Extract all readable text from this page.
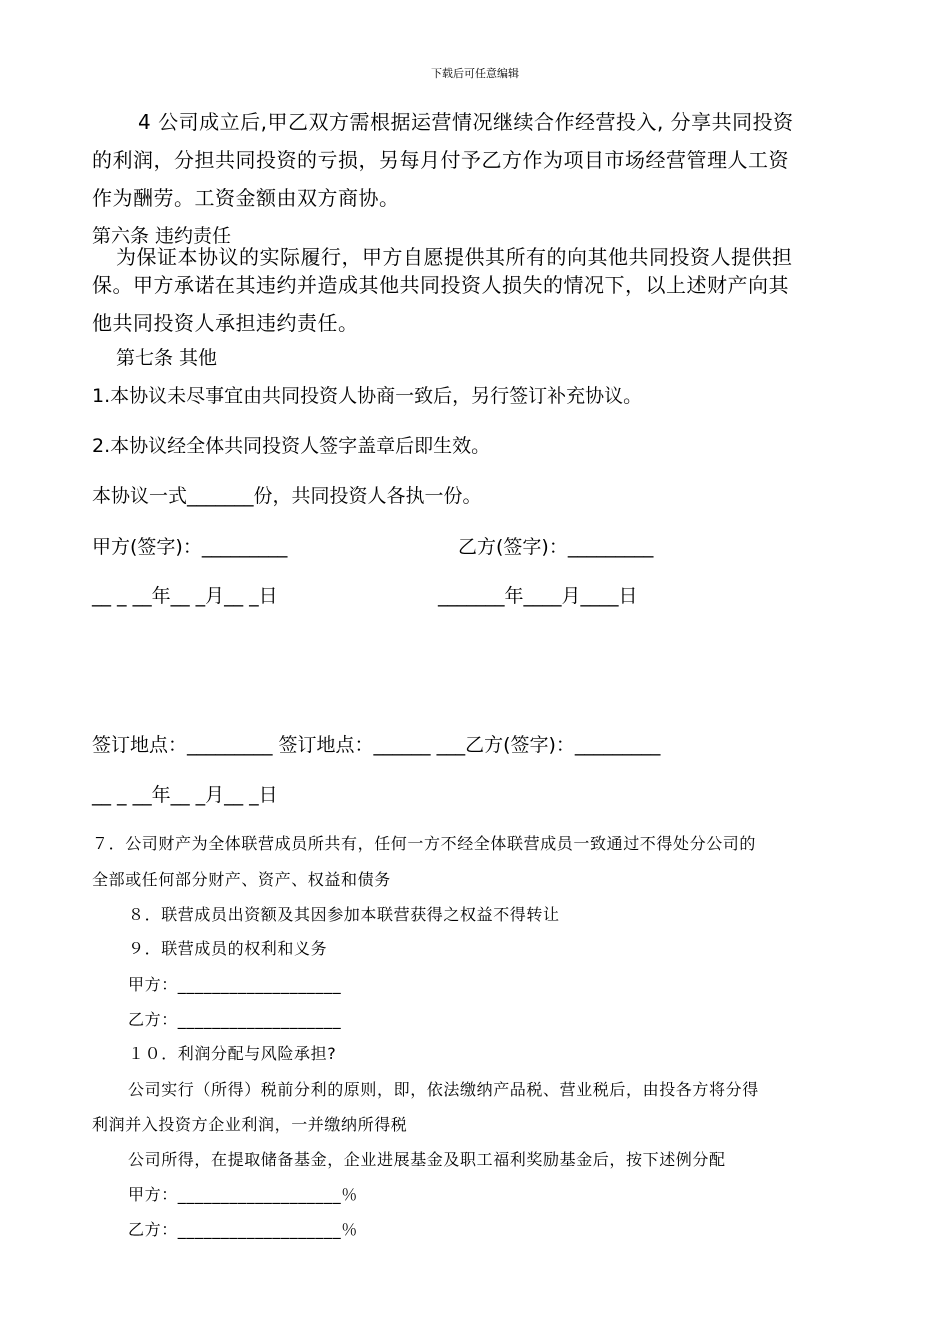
下载后可任意编辑
4 公司成立后,甲乙双方需根据运营情况继续合作经营投入, 分享共同投资
的利润，分担共同投资的亏损，另每月付予乙方作为项目市场经营管理人工资
作为酬劳。工资金额由双方商协。
第六条 违约责任
为保证本协议的实际履行，甲方自愿提供其所有的向其他共同投资人提供担
保。甲方承诺在其违约并造成其他共同投资人损失的情况下，以上述财产向其
他共同投资人承担违约责任。
第七条 其他
1.本协议未尽事宜由共同投资人协商一致后，另行签订补充协议。
2.本协议经全体共同投资人签字盖章后即生效。
本协议一式_______份，共同投资人各执一份。
甲方(签字)：_________	乙方(签字)：_________
__ _ __年__ _月__ _日	_______年____月____日
签订地点：_________ 签订地点：______ ___乙方(签字)：_________
__ _ __年__ _月__ _日
７．公司财产为全体联营成员所共有，任何一方不经全体联营成员一致通过不得处分公司的
全部或任何部分财产、资产、权益和债务
８．联营成员出资额及其因参加本联营获得之权益不得转让
９．联营成员的权利和义务
甲方：___________________
乙方：___________________
１０．利润分配与风险承担?
公司实行（所得）税前分利的原则，即，依法缴纳产品税、营业税后，由投各方将分得
利润并入投资方企业利润，一并缴纳所得税
公司所得，在提取储备基金，企业进展基金及职工福利奖励基金后，按下述例分配
甲方：___________________％
乙方：___________________％
